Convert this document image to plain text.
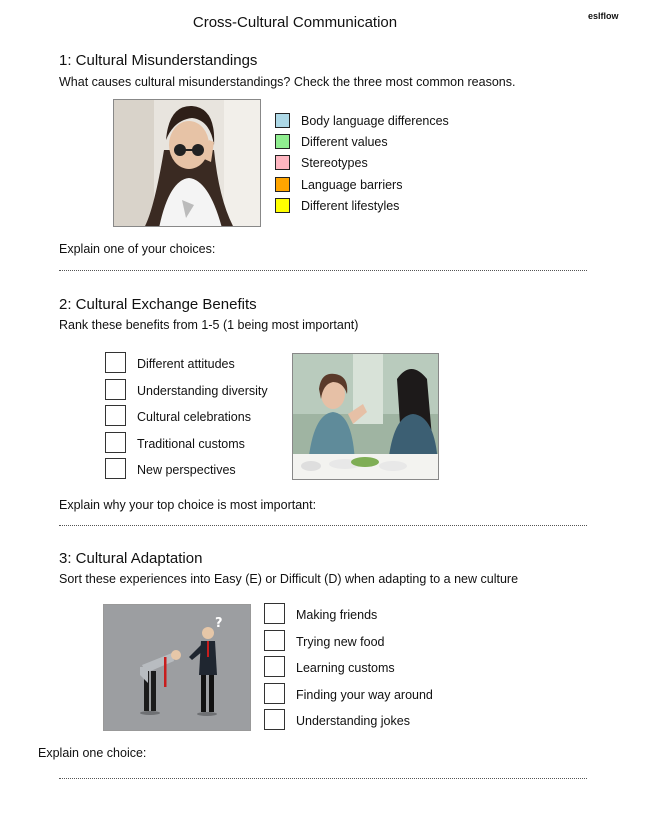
Cross-Cultural Communication	eslflow
1: Cultural Misunderstandings
What causes cultural misunderstandings? Check the three most common reasons.
Body language differences
Different values
Stereotypes
Language barriers
Different lifestyles
Explain one of your choices:
2: Cultural Exchange Benefits
Rank these benefits from 1-5 (1 being most important)
Different attitudes
Understanding diversity
Cultural celebrations
Traditional customs
New perspectives
Explain why your top choice is most important:
3: Cultural Adaptation
Sort these experiences into Easy (E) or Difficult (D) when adapting to a new culture
?
Making friends
Trying new food
Learning customs
Finding your way around
Understanding jokes
Explain one choice:
